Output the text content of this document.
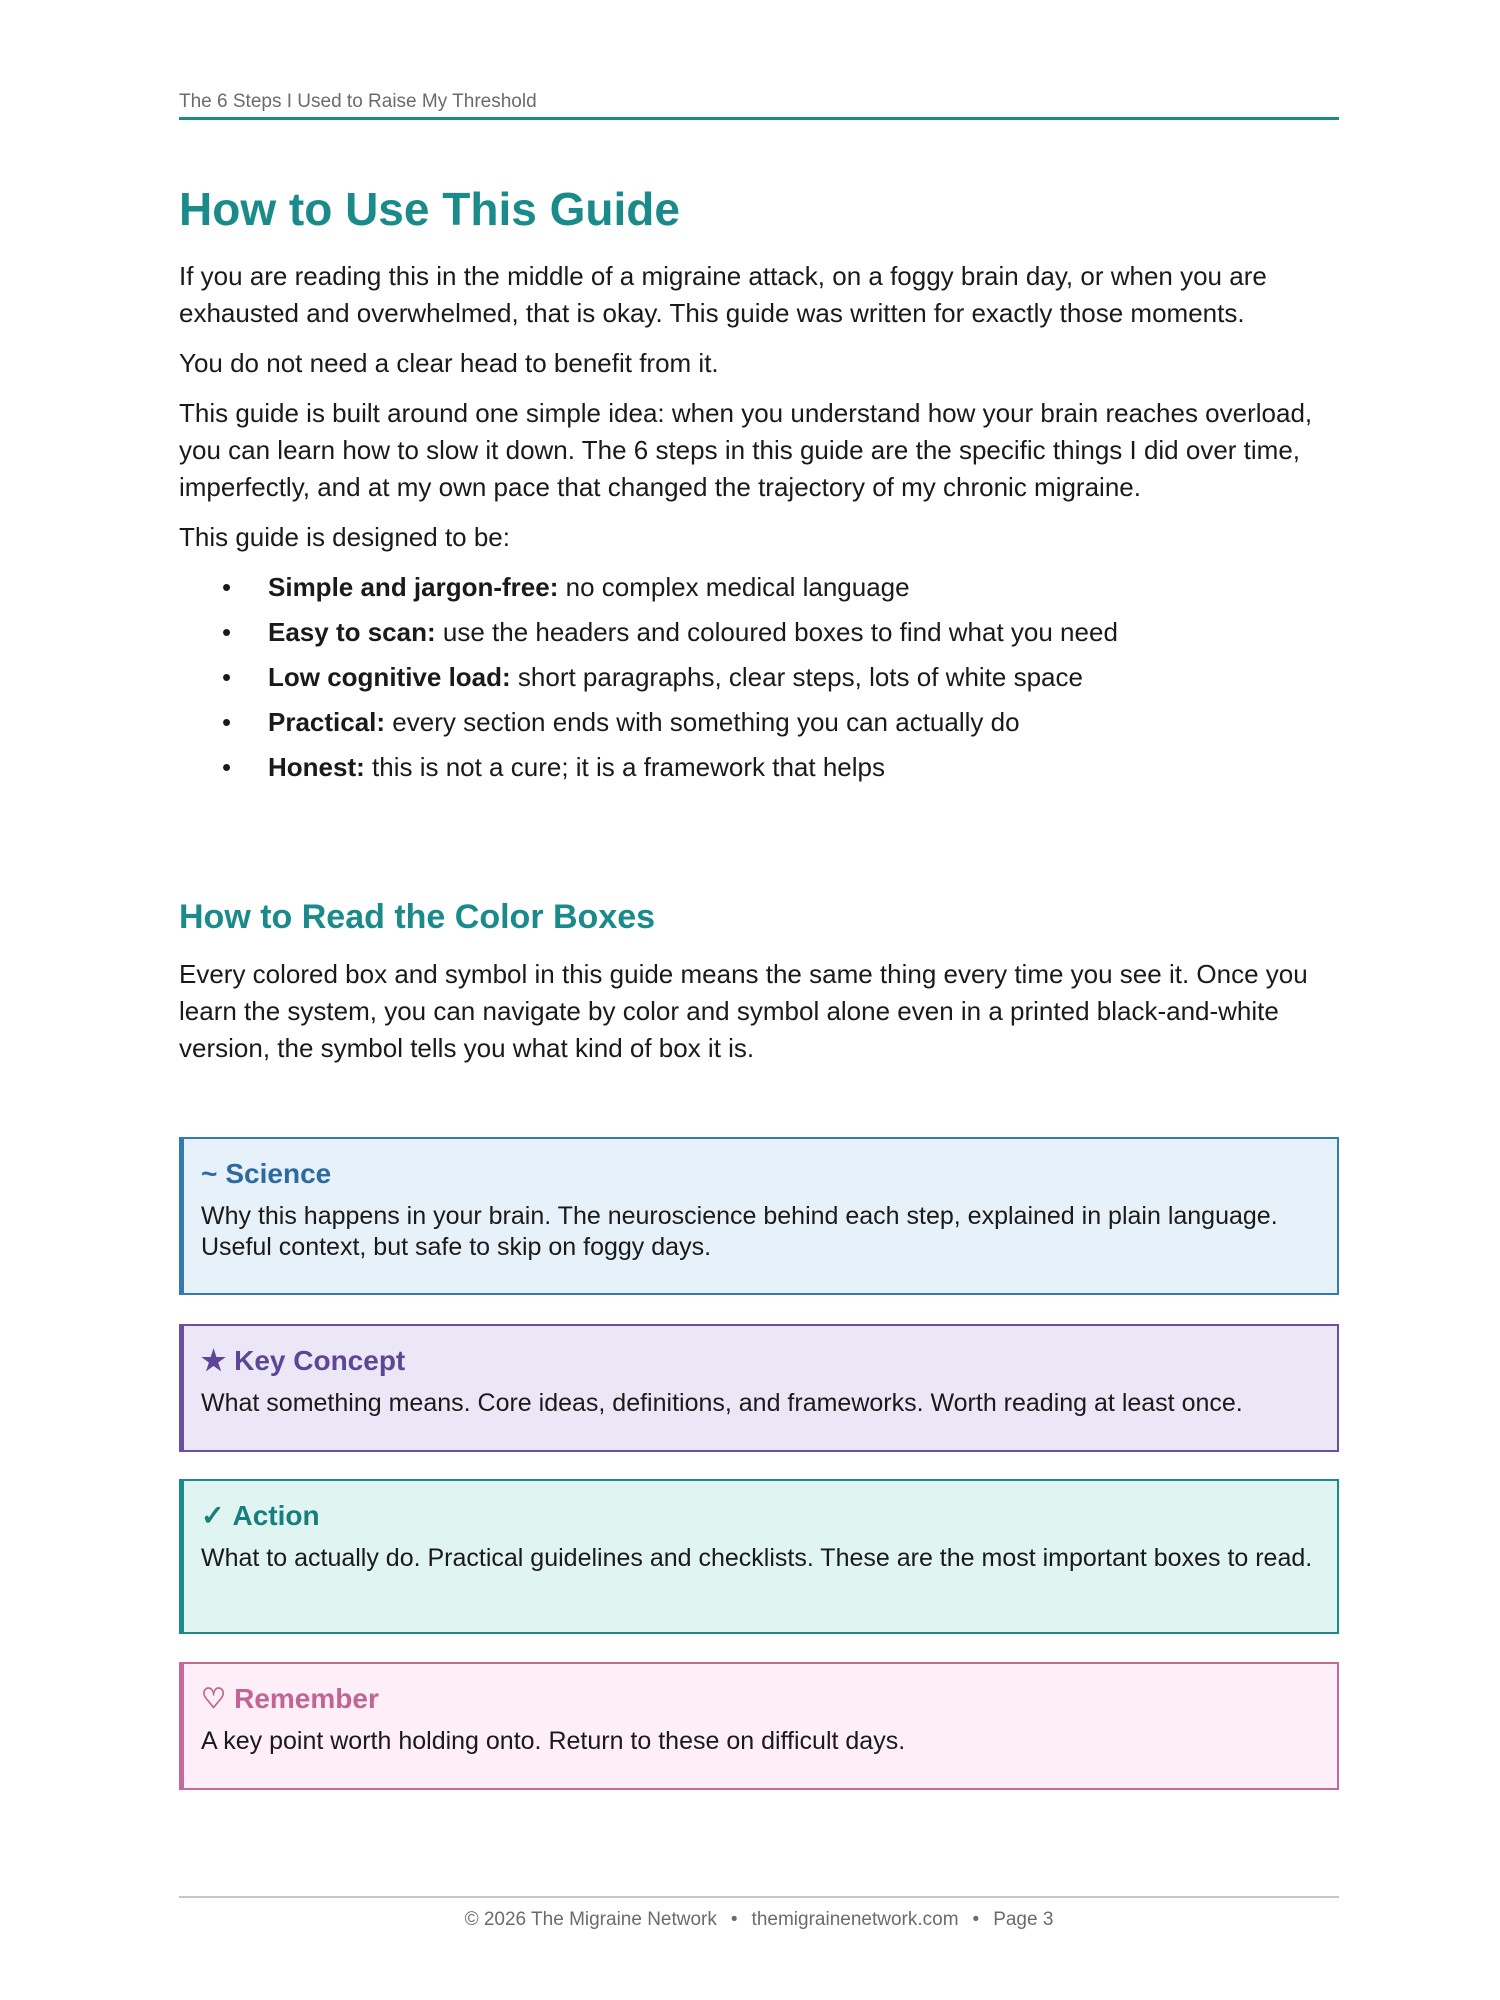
The 6 Steps I Used to Raise My Threshold
How to Use This Guide

If you are reading this in the middle of a migraine attack, on a foggy brain day, or when you are exhausted and overwhelmed, that is okay. This guide was written for exactly those moments.

You do not need a clear head to benefit from it.

This guide is built around one simple idea: when you understand how your brain reaches overload, you can learn how to slow it down. The 6 steps in this guide are the specific things I did over time, imperfectly, and at my own pace that changed the trajectory of my chronic migraine.

This guide is designed to be:

• Simple and jargon-free: no complex medical language
• Easy to scan: use the headers and coloured boxes to find what you need
• Low cognitive load: short paragraphs, clear steps, lots of white space
• Practical: every section ends with something you can actually do
• Honest: this is not a cure; it is a framework that helps
How to Read the Color Boxes

Every colored box and symbol in this guide means the same thing every time you see it. Once you learn the system, you can navigate by color and symbol alone even in a printed black-and-white version, the symbol tells you what kind of box it is.

~ Science
Why this happens in your brain. The neuroscience behind each step, explained in plain language. Useful context, but safe to skip on foggy days.
★ Key Concept
What something means. Core ideas, definitions, and frameworks. Worth reading at least once.
✓ Action
What to actually do. Practical guidelines and checklists. These are the most important boxes to read.
♡ Remember
A key point worth holding onto. Return to these on difficult days.
© 2026 The Migraine Network • themigrainenetwork.com • Page 3
